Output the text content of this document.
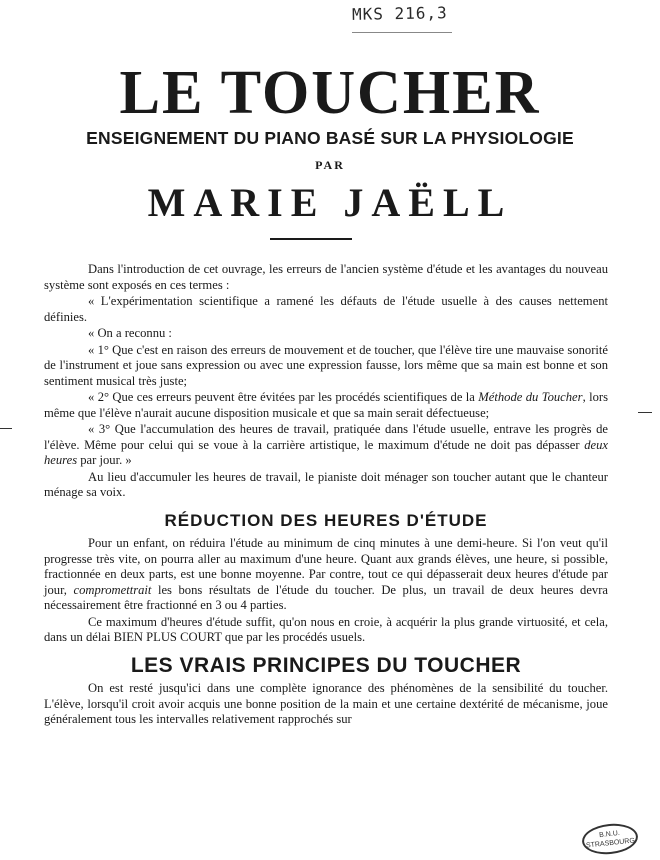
MKS 216,3
LE TOUCHER
ENSEIGNEMENT DU PIANO BASÉ SUR LA PHYSIOLOGIE
PAR
MARIE JAËLL

Dans l'introduction de cet ouvrage, les erreurs de l'ancien système d'étude et les avantages du nouveau système sont exposés en ces termes :

« L'expérimentation scientifique a ramené les défauts de l'étude usuelle à des causes nettement définies.

« On a reconnu :

« 1° Que c'est en raison des erreurs de mouvement et de toucher, que l'élève tire une mauvaise sonorité de l'instrument et joue sans expression ou avec une expression fausse, lors même que sa main est bonne et son sentiment musical très juste;

« 2° Que ces erreurs peuvent être évitées par les procédés scientifiques de la Méthode du Toucher, lors même que l'élève n'aurait aucune disposition musicale et que sa main serait défectueuse;

« 3° Que l'accumulation des heures de travail, pratiquée dans l'étude usuelle, entrave les progrès de l'élève. Même pour celui qui se voue à la carrière artistique, le maximum d'étude ne doit pas dépasser deux heures par jour. »

Au lieu d'accumuler les heures de travail, le pianiste doit ménager son toucher autant que le chanteur ménage sa voix.

RÉDUCTION DES HEURES D'ÉTUDE

Pour un enfant, on réduira l'étude au minimum de cinq minutes à une demi-heure. Si l'on veut qu'il progresse très vite, on pourra aller au maximum d'une heure. Quant aux grands élèves, une heure, si possible, fractionnée en deux parts, est une bonne moyenne. Par contre, tout ce qui dépasserait deux heures d'étude par jour, compromettrait les bons résultats de l'étude du toucher. De plus, un travail de deux heures devra nécessairement être fractionné en 3 ou 4 parties.

Ce maximum d'heures d'étude suffit, qu'on nous en croie, à acquérir la plus grande virtuosité, et cela, dans un délai BIEN PLUS COURT que par les procédés usuels.

LES VRAIS PRINCIPES DU TOUCHER

On est resté jusqu'ici dans une complète ignorance des phénomènes de la sensibilité du toucher. L'élève, lorsqu'il croit avoir acquis une bonne position de la main et une certaine dextérité de mécanisme, joue généralement tous les intervalles relativement rapprochés sur

B.N.U.
STRASBOURG
